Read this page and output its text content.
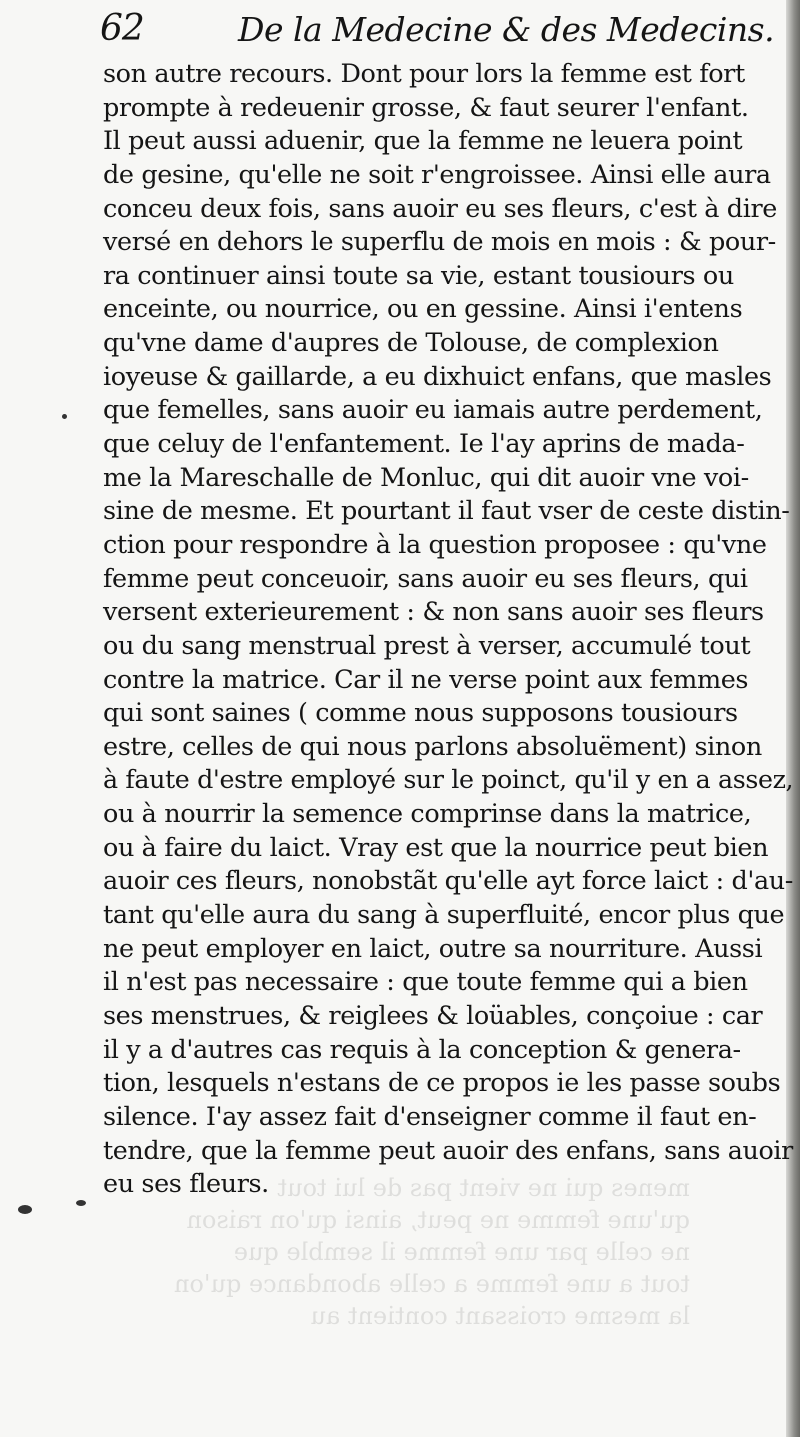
62	De la Medecine & des Medecins.
son autre recours. Dont pour lors la femme est fort
prompte à redeuenir grosse, & faut seurer l'enfant.
Il peut aussi aduenir, que la femme ne leuera point
de gesine, qu'elle ne soit r'engroissee. Ainsi elle aura
conceu deux fois, sans auoir eu ses fleurs, c'est à dire
versé en dehors le superflu de mois en mois : & pour-
ra continuer ainsi toute sa vie, estant tousiours ou
enceinte, ou nourrice, ou en gessine. Ainsi i'entens
qu'vne dame d'aupres de Tolouse, de complexion
ioyeuse & gaillarde, a eu dixhuict enfans, que masles
que femelles, sans auoir eu iamais autre perdement,
que celuy de l'enfantement. Ie l'ay aprins de mada-
me la Mareschalle de Monluc, qui dit auoir vne voi-
sine de mesme. Et pourtant il faut vser de ceste distin-
ction pour respondre à la question proposee : qu'vne
femme peut conceuoir, sans auoir eu ses fleurs, qui
versent exterieurement : & non sans auoir ses fleurs
ou du sang menstrual prest à verser, accumulé tout
contre la matrice. Car il ne verse point aux femmes
qui sont saines ( comme nous supposons tousiours
estre, celles de qui nous parlons absoluëment) sinon
à faute d'estre employé sur le poinct, qu'il y en a assez,
ou à nourrir la semence comprinse dans la matrice,
ou à faire du laict. Vray est que la nourrice peut bien
auoir ces fleurs, nonobstãt qu'elle ayt force laict : d'au-
tant qu'elle aura du sang à superfluité, encor plus que
ne peut employer en laict, outre sa nourriture. Aussi
il n'est pas necessaire : que toute femme qui a bien
ses menstrues, & reiglees & loüables, conçoiue : car
il y a d'autres cas requis à la conception & genera-
tion, lesquels n'estans de ce propos ie les passe soubs
silence. I'ay assez fait d'enseigner comme il faut en-
tendre, que la femme peut auoir des enfans, sans auoir
eu ses fleurs. menes qui ne vient pas de lui tout
qu'une femme ne peut, ainsi qu'on raison
ne celle par une femme il semble que
tout a une femme a celle abondance qu'on
la mesme croissant contient au
